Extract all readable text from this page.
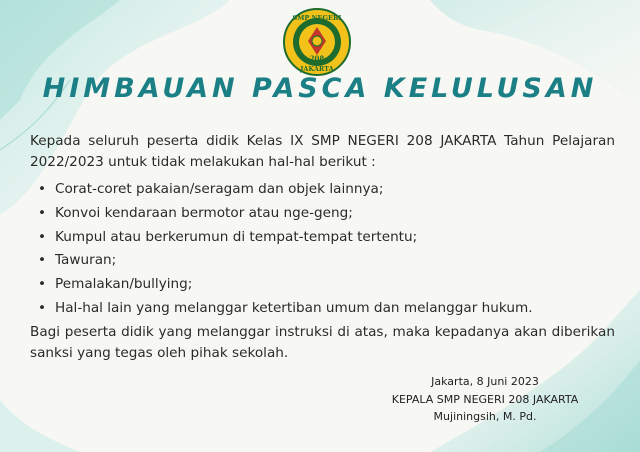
SMP NEGERI
208
JAKARTA
HIMBAUAN PASCA KELULUSAN

Kepada seluruh peserta didik Kelas IX SMP NEGERI 208 JAKARTA Tahun Pelajaran 2022/2023 untuk tidak melakukan hal-hal berikut :

• Corat-coret pakaian/seragam dan objek lainnya;
• Konvoi kendaraan bermotor atau nge-geng;
• Kumpul atau berkerumun di tempat-tempat tertentu;
• Tawuran;
• Pemalakan/bullying;
• Hal-hal lain yang melanggar ketertiban umum dan melanggar hukum.

Bagi peserta didik yang melanggar instruksi di atas, maka kepadanya akan diberikan sanksi yang tegas oleh pihak sekolah.

Jakarta, 8 Juni 2023
KEPALA SMP NEGERI 208 JAKARTA
Mujiningsih, M. Pd.
